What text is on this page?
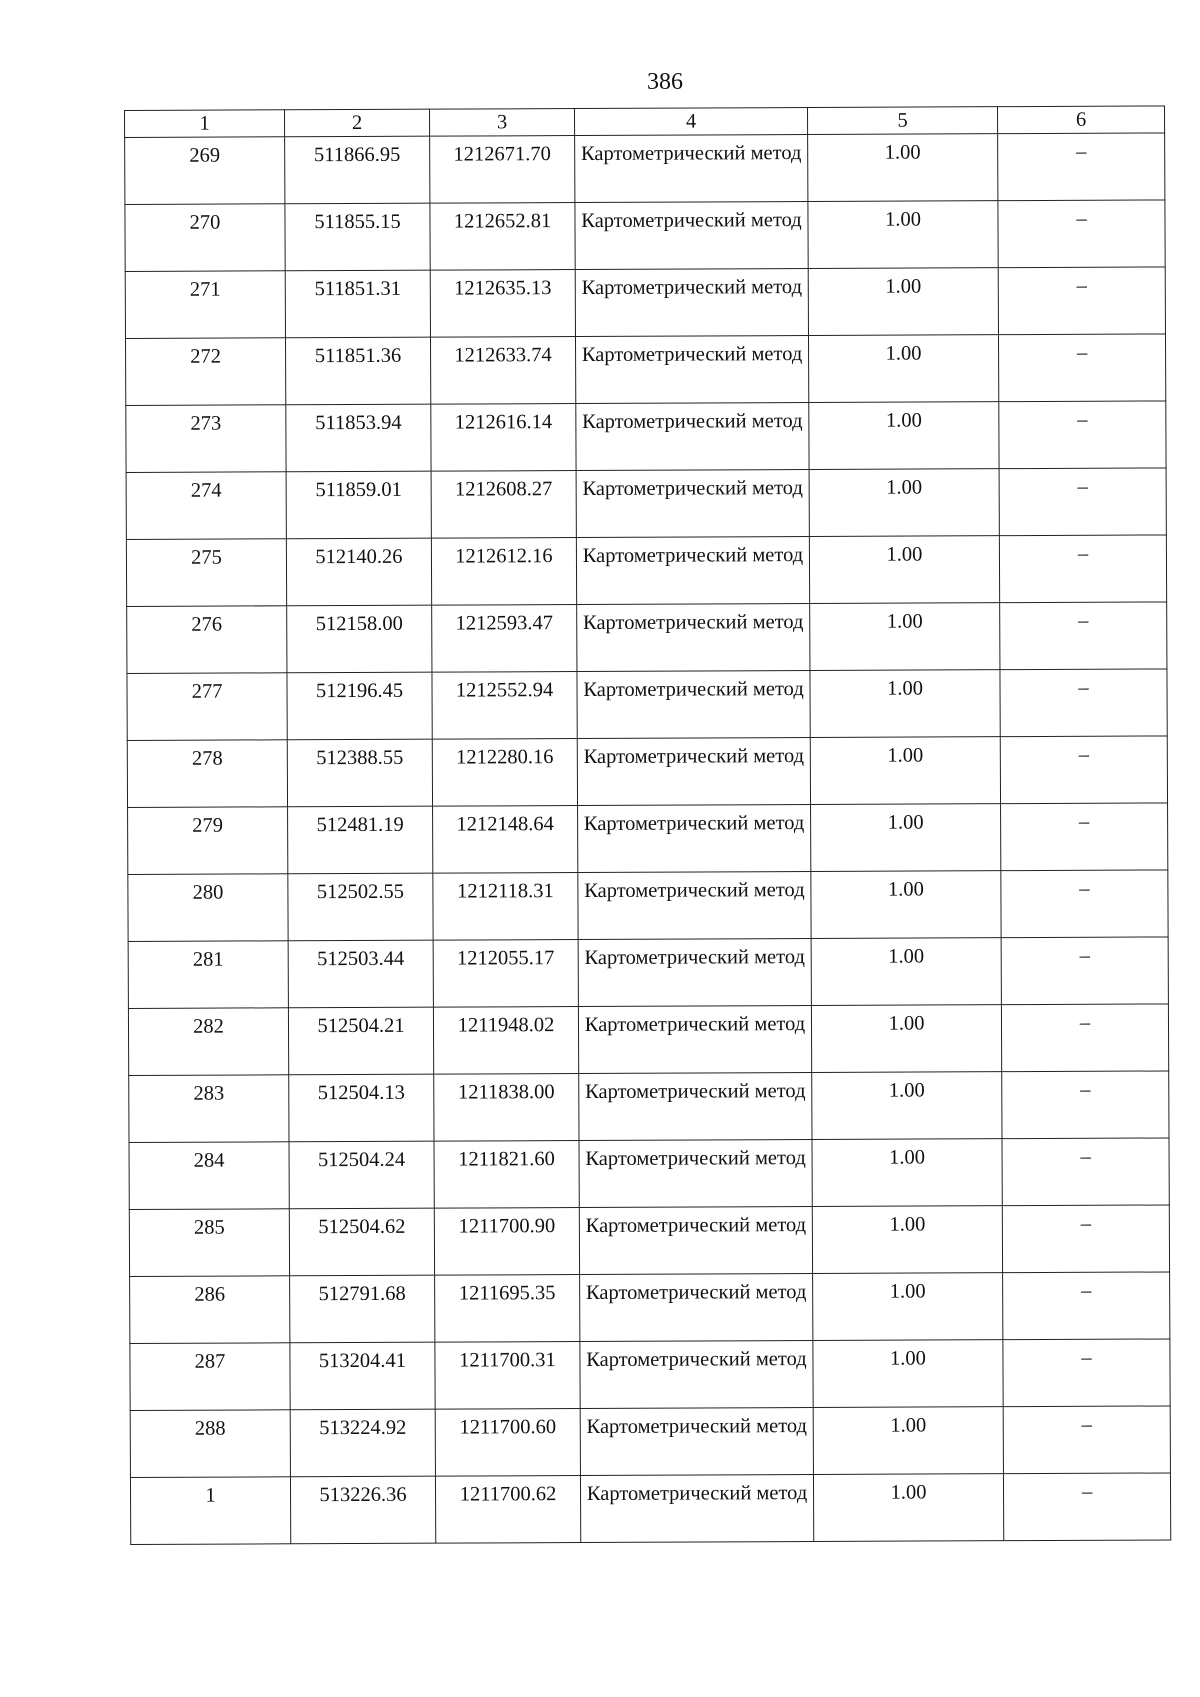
386
1	2	3	4	5	6
269	511866.95	1212671.70	Картометрический метод	1.00	–
270	511855.15	1212652.81	Картометрический метод	1.00	–
271	511851.31	1212635.13	Картометрический метод	1.00	–
272	511851.36	1212633.74	Картометрический метод	1.00	–
273	511853.94	1212616.14	Картометрический метод	1.00	–
274	511859.01	1212608.27	Картометрический метод	1.00	–
275	512140.26	1212612.16	Картометрический метод	1.00	–
276	512158.00	1212593.47	Картометрический метод	1.00	–
277	512196.45	1212552.94	Картометрический метод	1.00	–
278	512388.55	1212280.16	Картометрический метод	1.00	–
279	512481.19	1212148.64	Картометрический метод	1.00	–
280	512502.55	1212118.31	Картометрический метод	1.00	–
281	512503.44	1212055.17	Картометрический метод	1.00	–
282	512504.21	1211948.02	Картометрический метод	1.00	–
283	512504.13	1211838.00	Картометрический метод	1.00	–
284	512504.24	1211821.60	Картометрический метод	1.00	–
285	512504.62	1211700.90	Картометрический метод	1.00	–
286	512791.68	1211695.35	Картометрический метод	1.00	–
287	513204.41	1211700.31	Картометрический метод	1.00	–
288	513224.92	1211700.60	Картометрический метод	1.00	–
1	513226.36	1211700.62	Картометрический метод	1.00	–
